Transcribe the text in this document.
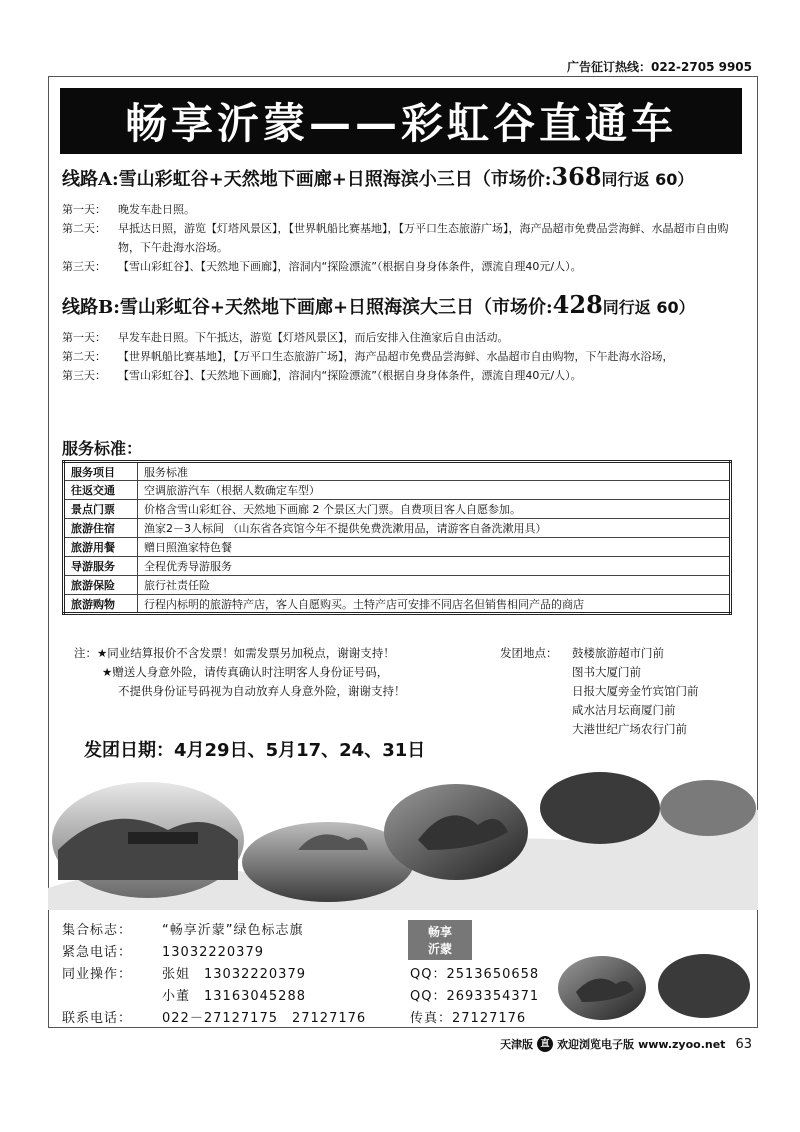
广告征订热线：022-2705 9905
畅享沂蒙——彩虹谷直通车
线路A:雪山彩虹谷+天然地下画廊+日照海滨小三日（市场价:368同行返 60）
第一天：	晚发车赴日照。
第二天：	早抵达日照，游览【灯塔风景区】，【世界帆船比赛基地】，【万平口生态旅游广场】，海产品超市免费品尝海鲜、水晶超市自由购物，下午赴海水浴场。
第三天：	【雪山彩虹谷】、【天然地下画廊】，溶洞内“探险漂流”（根据自身身体条件，漂流自理40元/人）。
线路B:雪山彩虹谷+天然地下画廊+日照海滨大三日（市场价:428同行返 60）
第一天：	早发车赴日照。下午抵达，游览【灯塔风景区】，而后安排入住渔家后自由活动。
第二天：	【世界帆船比赛基地】，【万平口生态旅游广场】，海产品超市免费品尝海鲜、水晶超市自由购物，下午赴海水浴场，
第三天：	【雪山彩虹谷】、【天然地下画廊】，溶洞内“探险漂流”（根据自身身体条件，漂流自理40元/人）。
服务标准：
服务项目	服务标准
往返交通	空调旅游汽车（根据人数确定车型）
景点门票	价格含雪山彩虹谷、天然地下画廊 2 个景区大门票。自费项目客人自愿参加。
旅游住宿	渔家2－3人标间 （山东省各宾馆今年不提供免费洗漱用品，请游客自备洗漱用具）
旅游用餐	赠日照渔家特色餐
导游服务	全程优秀导游服务
旅游保险	旅行社责任险
旅游购物	行程内标明的旅游特产店，客人自愿购买。土特产店可安排不同店名但销售相同产品的商店
注：★同业结算报价不含发票！如需发票另加税点，谢谢支持！
★赠送人身意外险，请传真确认时注明客人身份证号码，
不提供身份证号码视为自动放弃人身意外险，谢谢支持！
发团地点： 鼓楼旅游超市门前
图书大厦门前
日报大厦旁金竹宾馆门前
咸水沽月坛商厦门前
大港世纪广场农行门前
发团日期：4月29日、5月17、24、31日
集合标志： “畅享沂蒙”绿色标志旗
紧急电话： 13032220379
同业操作： 张姐　13032220379	QQ：2513650658
小董　13163045288	QQ：2693354371
联系电话： 022－27127175　27127176	传真：27127176
畅享
沂蒙
天津版 直 欢迎浏览电子版 www.zyoo.net 63
